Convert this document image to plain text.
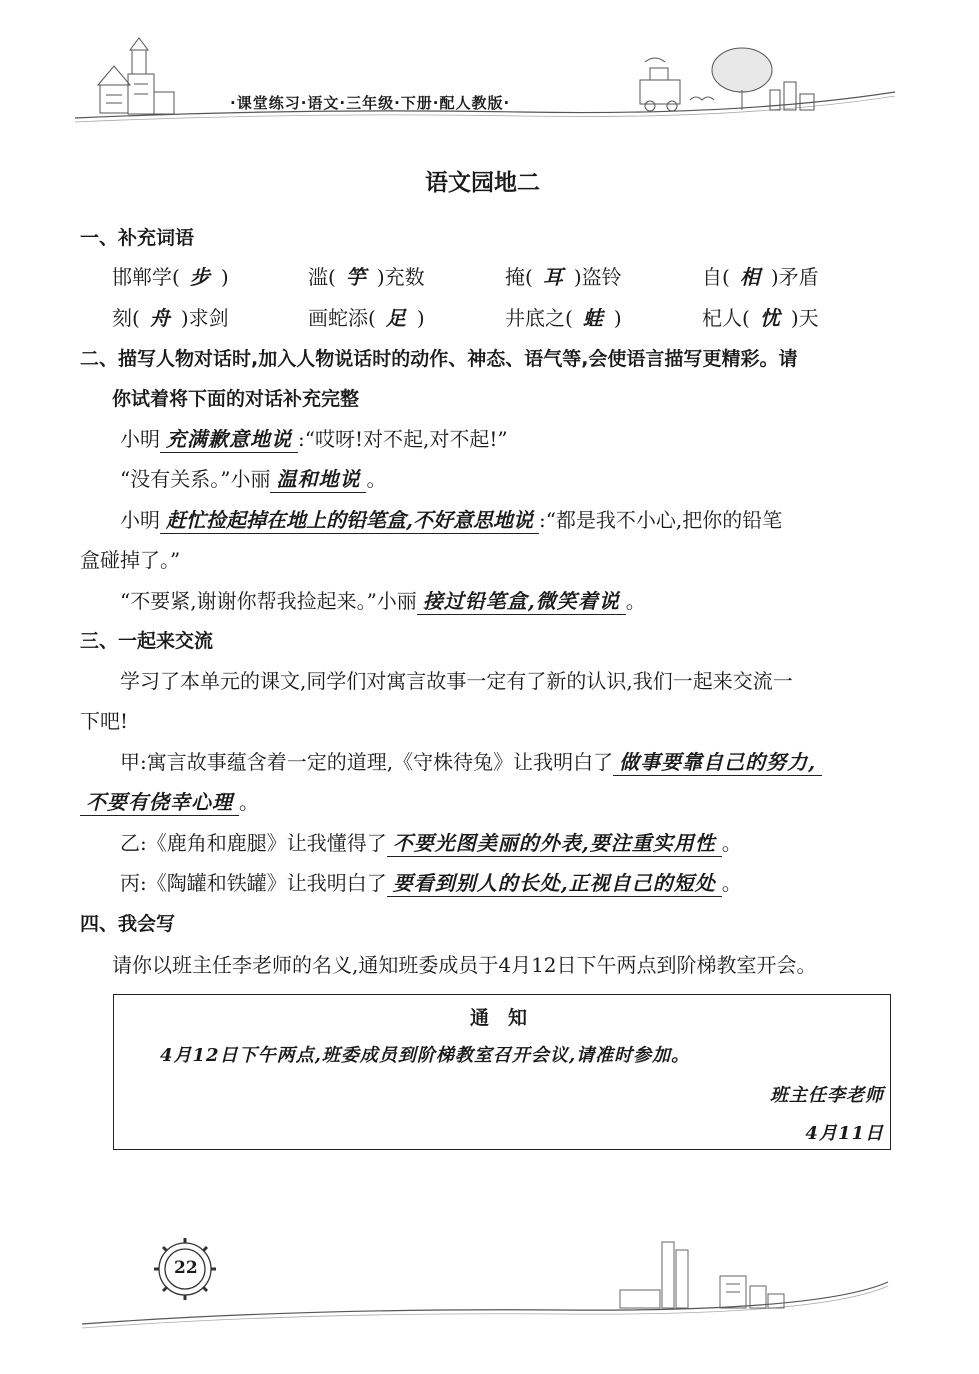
·课堂练习·语文·三年级·下册·配人教版·
语文园地二
一、补充词语
邯郸学( 步 )	滥( 竽 )充数	掩( 耳 )盗铃	自( 相 )矛盾
刻( 舟 )求剑	画蛇添( 足 )	井底之( 蛙 )	杞人( 忧 )天
二、描写人物对话时,加入人物说话时的动作、神态、语气等,会使语言描写更精彩。请
你试着将下面的对话补充完整
小明 充满歉意地说 :“哎呀!对不起,对不起!”
“没有关系。”小丽 温和地说 。
小明 赶忙捡起掉在地上的铅笔盒,不好意思地说 :“都是我不小心,把你的铅笔
盒碰掉了。”
“不要紧,谢谢你帮我捡起来。”小丽 接过铅笔盒,微笑着说 。
三、一起来交流
学习了本单元的课文,同学们对寓言故事一定有了新的认识,我们一起来交流一
下吧!
甲:寓言故事蕴含着一定的道理,《守株待兔》让我明白了 做事要靠自己的努力,
不要有侥幸心理 。
乙:《鹿角和鹿腿》让我懂得了 不要光图美丽的外表,要注重实用性 。
丙:《陶罐和铁罐》让我明白了 要看到别人的长处,正视自己的短处 。
四、我会写
请你以班主任李老师的名义,通知班委成员于4月12日下午两点到阶梯教室开会。
通　知
4月12日下午两点,班委成员到阶梯教室召开会议,请准时参加。
班主任李老师
4月11日
22
